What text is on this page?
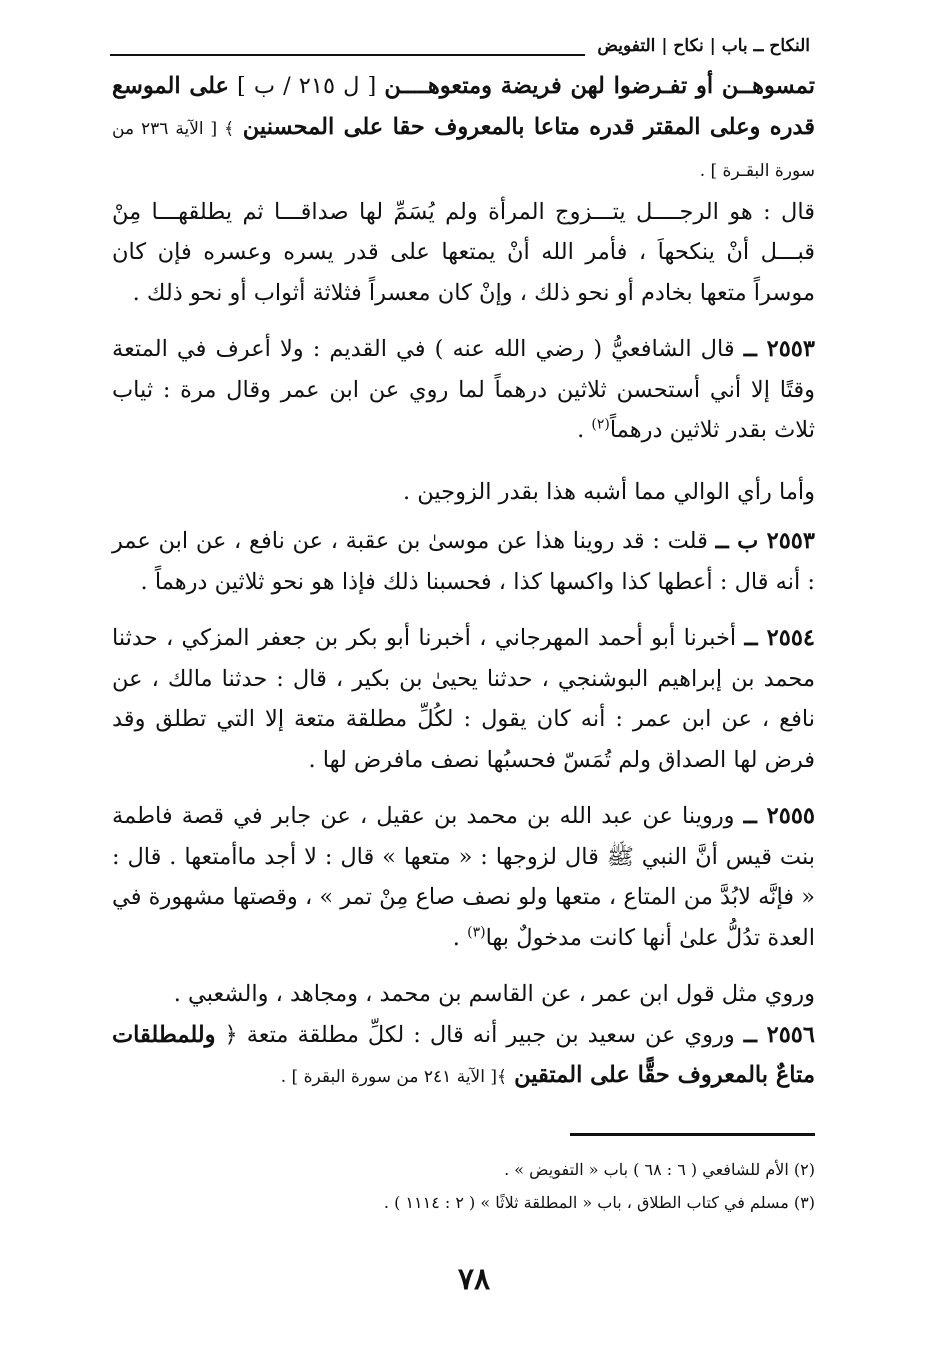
النكاح ــ باب | نكاح | التفويض

تمسوهــن أو تفـرضوا لهن فريضة ومتعوهــــن [ ل ٢١٥ / ب ] على الموسع قدره وعلى المقتر قدره متاعا بالمعروف حقا على المحسنين ﴾ [ الآية ٢٣٦ من سورة البقـرة ] .

قال : هو الرجــــل يتـــزوج المرأة ولم يُسَمِّ لها صداقـــا ثم يطلقهـــا مِنْ قبـــل أنْ ينكحهاَ ، فأمر الله أنْ يمتعها على قدر يسره وعسره فإن كان موسراً متعها بخادم أو نحو ذلك ، وإنْ كان معسراً فثلاثة أثواب أو نحو ذلك .

٢٥٥٣ ــ قال الشافعيُّ ( رضي الله عنه ) في القديم : ولا أعرف في المتعة وقتًا إلا أني أستحسن ثلاثين درهماً لما روي عن ابن عمر وقال مرة : ثياب ثلاث بقدر ثلاثين درهماً$^{(٢)}$ .

وأما رأي الوالي مما أشبه هذا بقدر الزوجين .

٢٥٥٣ ب ــ قلت : قد روينا هذا عن موسىٰ بن عقبة ، عن نافع ، عن ابن عمر : أنه قال : أعطها كذا واكسها كذا ، فحسبنا ذلك فإذا هو نحو ثلاثين درهماً .

٢٥٥٤ ــ أخبرنا أبو أحمد المهرجاني ، أخبرنا أبو بكر بن جعفر المزكي ، حدثنا محمد بن إبراهيم البوشنجي ، حدثنا يحيىٰ بن بكير ، قال : حدثنا مالك ، عن نافع ، عن ابن عمر : أنه كان يقول : لكُلِّ مطلقة متعة إلا التي تطلق وقد فرض لها الصداق ولم تُمَسّ فحسبُها نصف مافرض لها .

٢٥٥٥ ــ وروينا عن عبد الله بن محمد بن عقيل ، عن جابر في قصة فاطمة بنت قيس أنَّ النبي ﷺ قال لزوجها : « متعها » قال : لا أجد ماأمتعها . قال : « فإنَّه لابُدَّ من المتاع ، متعها ولو نصف صاع مِنْ تمر » ، وقصتها مشهورة في العدة تدُلُّ علىٰ أنها كانت مدخولٌ بها$^{(٣)}$ .

وروي مثل قول ابن عمر ، عن القاسم بن محمد ، ومجاهد ، والشعبي .

٢٥٥٦ ــ وروي عن سعيد بن جبير أنه قال : لكلِّ مطلقة متعة ﴿ وللمطلقات متاعٌ بالمعروف حقًّا على المتقين ﴾[ الآية ٢٤١ من سورة البقرة ] .

(٢) الأم للشافعي ( ٦ : ٦٨ ) باب « التفويض » .

(٣) مسلم في كتاب الطلاق ، باب « المطلقة ثلاثًا » ( ٢ : ١١١٤ ) .

٧٨
